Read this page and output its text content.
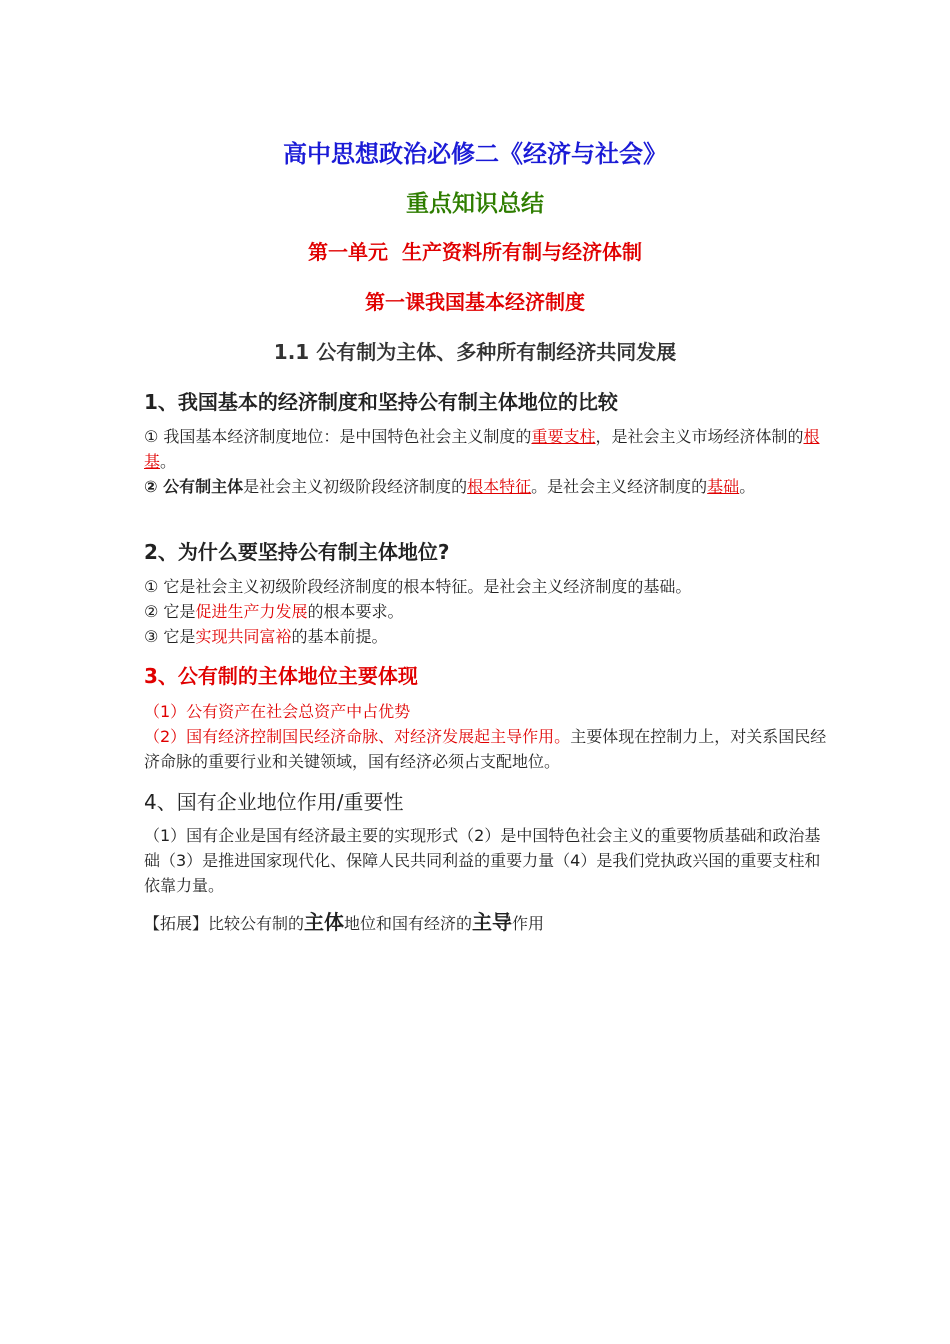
高中思想政治必修二《经济与社会》
重点知识总结
第一单元  生产资料所有制与经济体制
第一课我国基本经济制度
1.1 公有制为主体、多种所有制经济共同发展
1、我国基本的经济制度和坚持公有制主体地位的比较
① 我国基本经济制度地位：是中国特色社会主义制度的重要支柱，是社会主义市场经济体制的根基。
② 公有制主体是社会主义初级阶段经济制度的根本特征。是社会主义经济制度的基础。
2、为什么要坚持公有制主体地位?
① 它是社会主义初级阶段经济制度的根本特征。是社会主义经济制度的基础。
② 它是促进生产力发展的根本要求。
③ 它是实现共同富裕的基本前提。
3、公有制的主体地位主要体现
（1）公有资产在社会总资产中占优势
（2）国有经济控制国民经济命脉、对经济发展起主导作用。主要体现在控制力上，对关系国民经济命脉的重要行业和关键领域，国有经济必须占支配地位。
4、国有企业地位作用/重要性
（1）国有企业是国有经济最主要的实现形式（2）是中国特色社会主义的重要物质基础和政治基础（3）是推进国家现代化、保障人民共同利益的重要力量（4）是我们党执政兴国的重要支柱和依靠力量。
【拓展】比较公有制的主体地位和国有经济的主导作用
